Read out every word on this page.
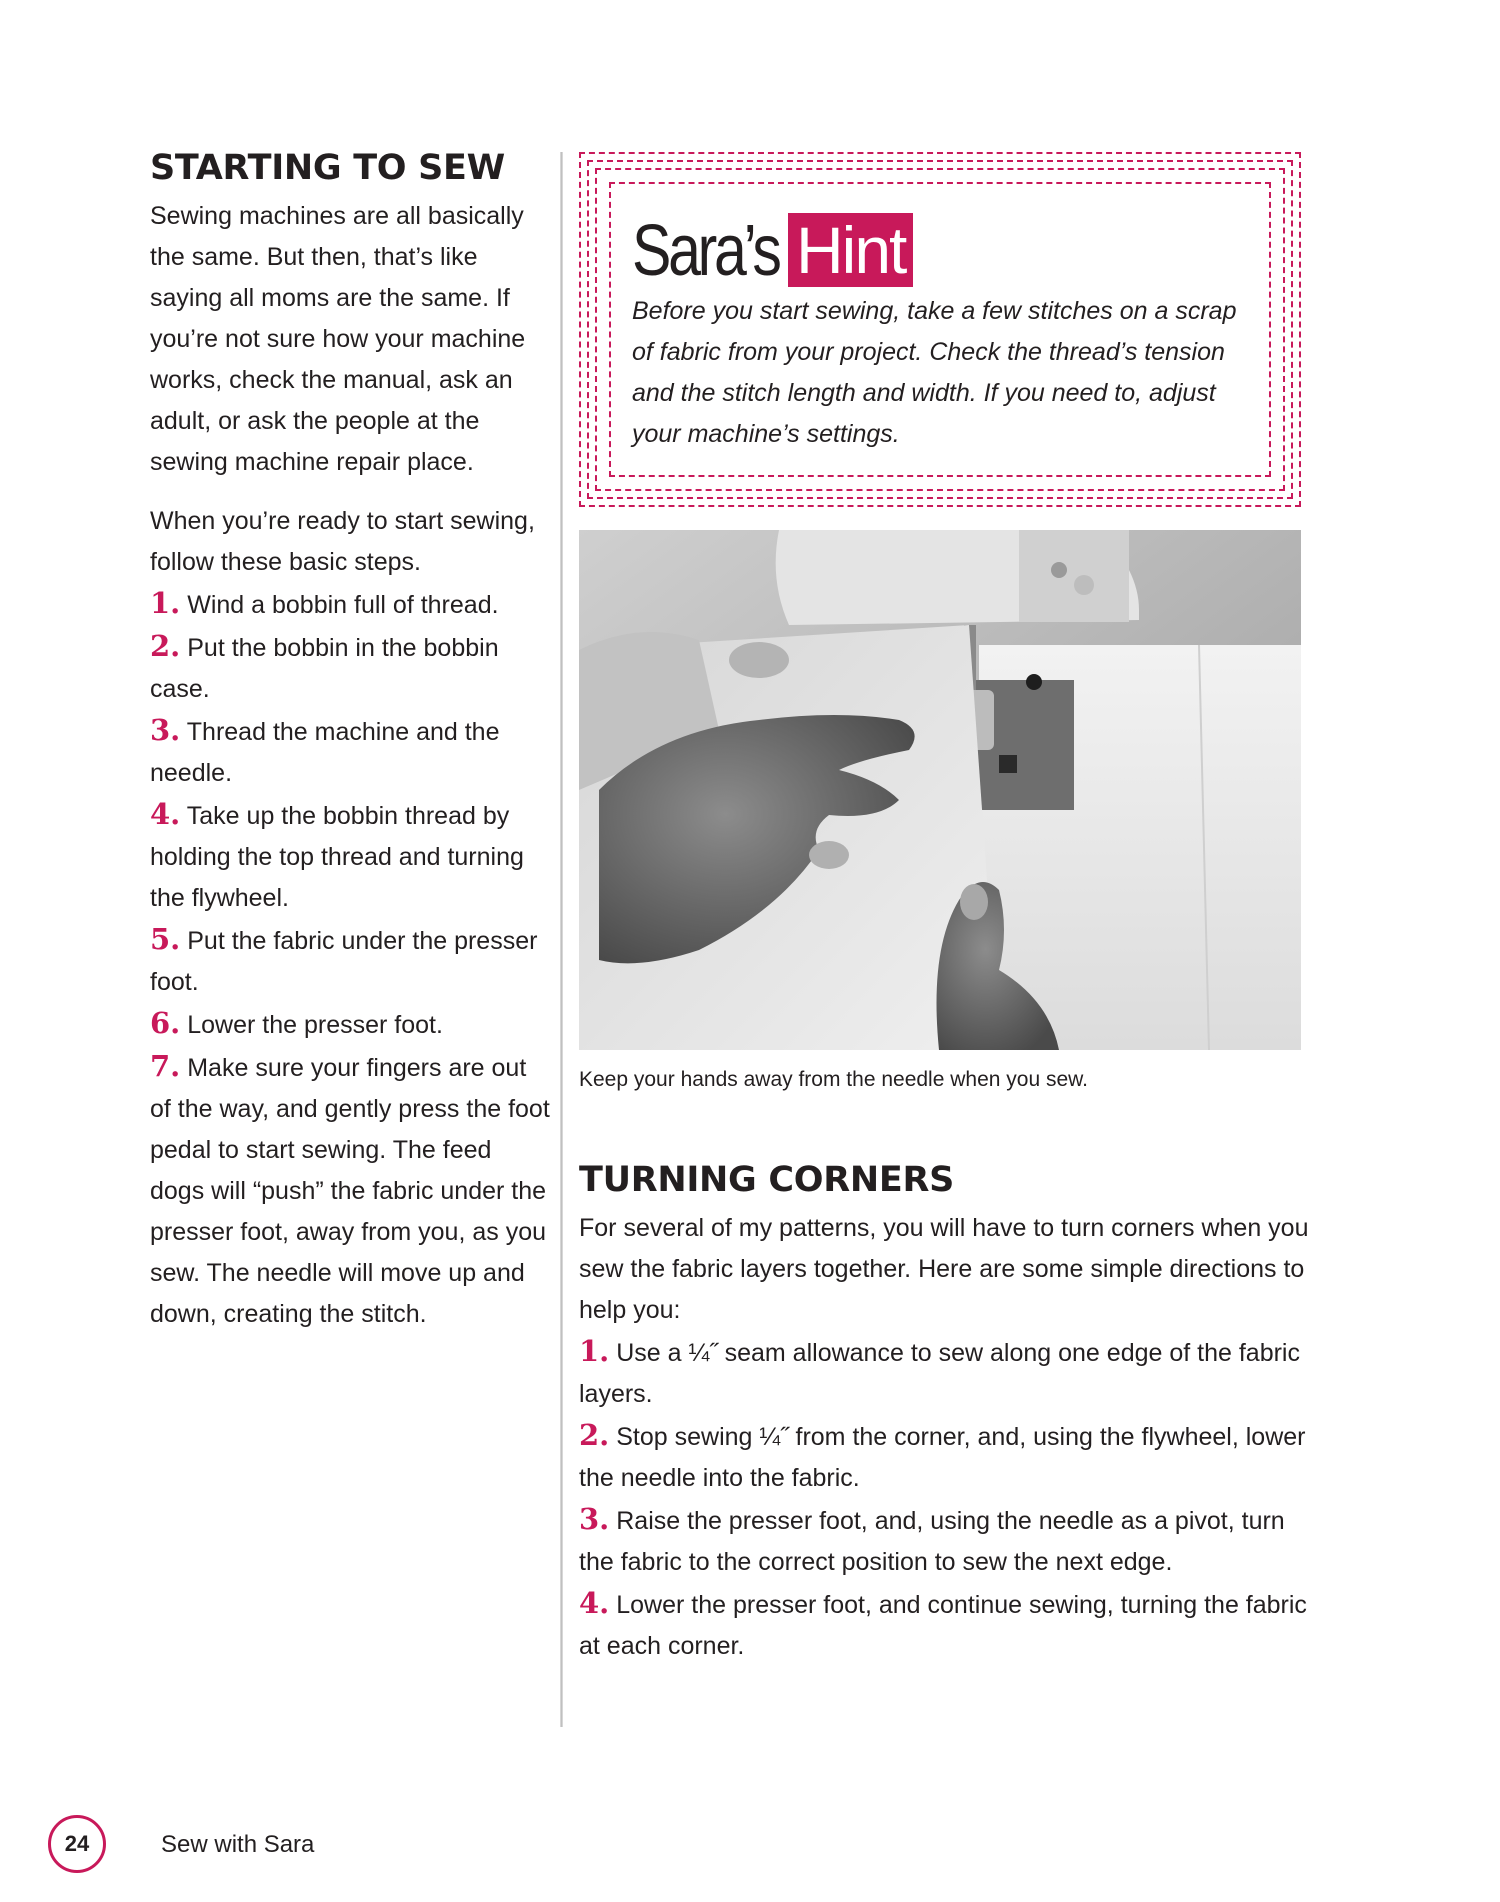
STARTING TO SEW

Sewing machines are all basically the same. But then, that’s like saying all moms are the same. If you’re not sure how your machine works, check the manual, ask an adult, or ask the people at the sewing machine repair place.

When you’re ready to start sewing, follow these basic steps.

1. Wind a bobbin full of thread.

2. Put the bobbin in the bobbin case.

3. Thread the machine and the needle.

4. Take up the bobbin thread by holding the top thread and turning the flywheel.

5. Put the fabric under the presser foot.

6. Lower the presser foot.

7. Make sure your fingers are out of the way, and gently press the foot pedal to start sewing. The feed dogs will “push” the fabric under the presser foot, away from you, as you sew. The needle will move up and down, creating the stitch.

Sara’s Hint

Before you start sewing, take a few stitches on a scrap of fabric from your project. Check the thread’s tension and the stitch length and width. If you need to, adjust your machine’s settings.

Keep your hands away from the needle when you sew.

TURNING CORNERS

For several of my patterns, you will have to turn corners when you sew the fabric layers together. Here are some simple directions to help you:

1. Use a ¼˝ seam allowance to sew along one edge of the fabric layers.

2. Stop sewing ¼˝ from the corner, and, using the flywheel, lower the needle into the fabric.

3. Raise the presser foot, and, using the needle as a pivot, turn the fabric to the correct position to sew the next edge.

4. Lower the presser foot, and continue sewing, turning the fabric at each corner.

24	Sew with Sara
